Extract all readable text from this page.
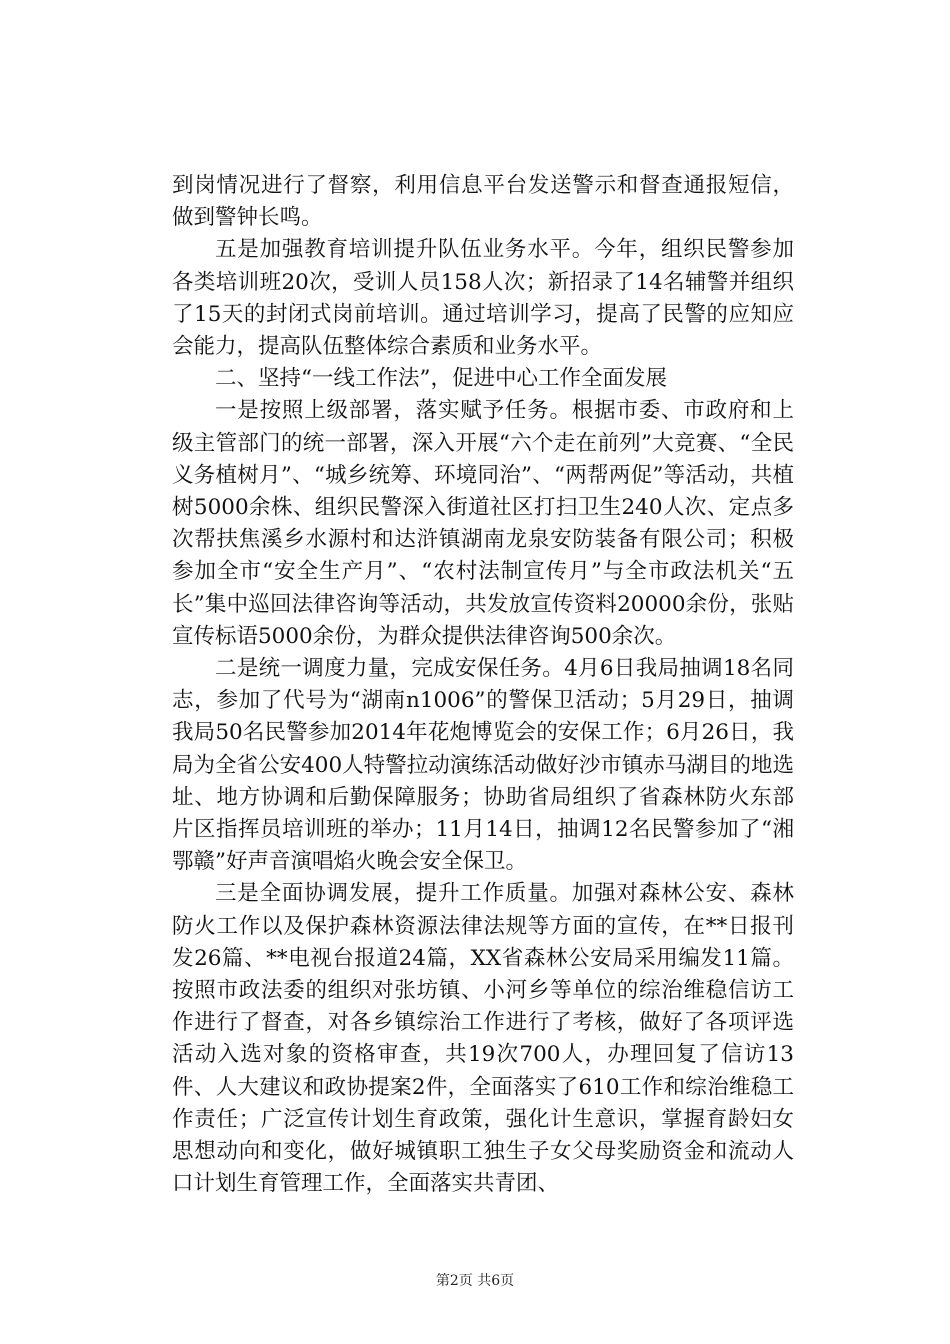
到岗情况进行了督察，利用信息平台发送警示和督查通报短信，做到警钟长鸣。

五是加强教育培训提升队伍业务水平。今年，组织民警参加各类培训班20次，受训人员158人次；新招录了14名辅警并组织了15天的封闭式岗前培训。通过培训学习，提高了民警的应知应会能力，提高队伍整体综合素质和业务水平。

二、坚持“一线工作法”，促进中心工作全面发展

一是按照上级部署，落实赋予任务。根据市委、市政府和上级主管部门的统一部署，深入开展“六个走在前列”大竞赛、“全民义务植树月”、“城乡统筹、环境同治”、“两帮两促”等活动，共植树5000余株、组织民警深入街道社区打扫卫生240人次、定点多次帮扶焦溪乡水源村和达浒镇湖南龙泉安防装备有限公司；积极参加全市“安全生产月”、“农村法制宣传月”与全市政法机关“五长”集中巡回法律咨询等活动，共发放宣传资料20000余份，张贴宣传标语5000余份，为群众提供法律咨询500余次。

二是统一调度力量，完成安保任务。4月6日我局抽调18名同志，参加了代号为“湖南n1006”的警保卫活动；5月29日，抽调我局50名民警参加2014年花炮博览会的安保工作；6月26日，我局为全省公安400人特警拉动演练活动做好沙市镇赤马湖目的地选址、地方协调和后勤保障服务；协助省局组织了省森林防火东部片区指挥员培训班的举办；11月14日，抽调12名民警参加了“湘鄂赣”好声音演唱焰火晚会安全保卫。

三是全面协调发展，提升工作质量。加强对森林公安、森林防火工作以及保护森林资源法律法规等方面的宣传，在**日报刊发26篇、**电视台报道24篇，XX省森林公安局采用编发11篇。按照市政法委的组织对张坊镇、小河乡等单位的综治维稳信访工作进行了督查，对各乡镇综治工作进行了考核，做好了各项评选活动入选对象的资格审查，共19次700人，办理回复了信访13件、人大建议和政协提案2件，全面落实了610工作和综治维稳工作责任；广泛宣传计划生育政策，强化计生意识，掌握育龄妇女思想动向和变化，做好城镇职工独生子女父母奖励资金和流动人口计划生育管理工作，全面落实共青团、

第2页 共6页
